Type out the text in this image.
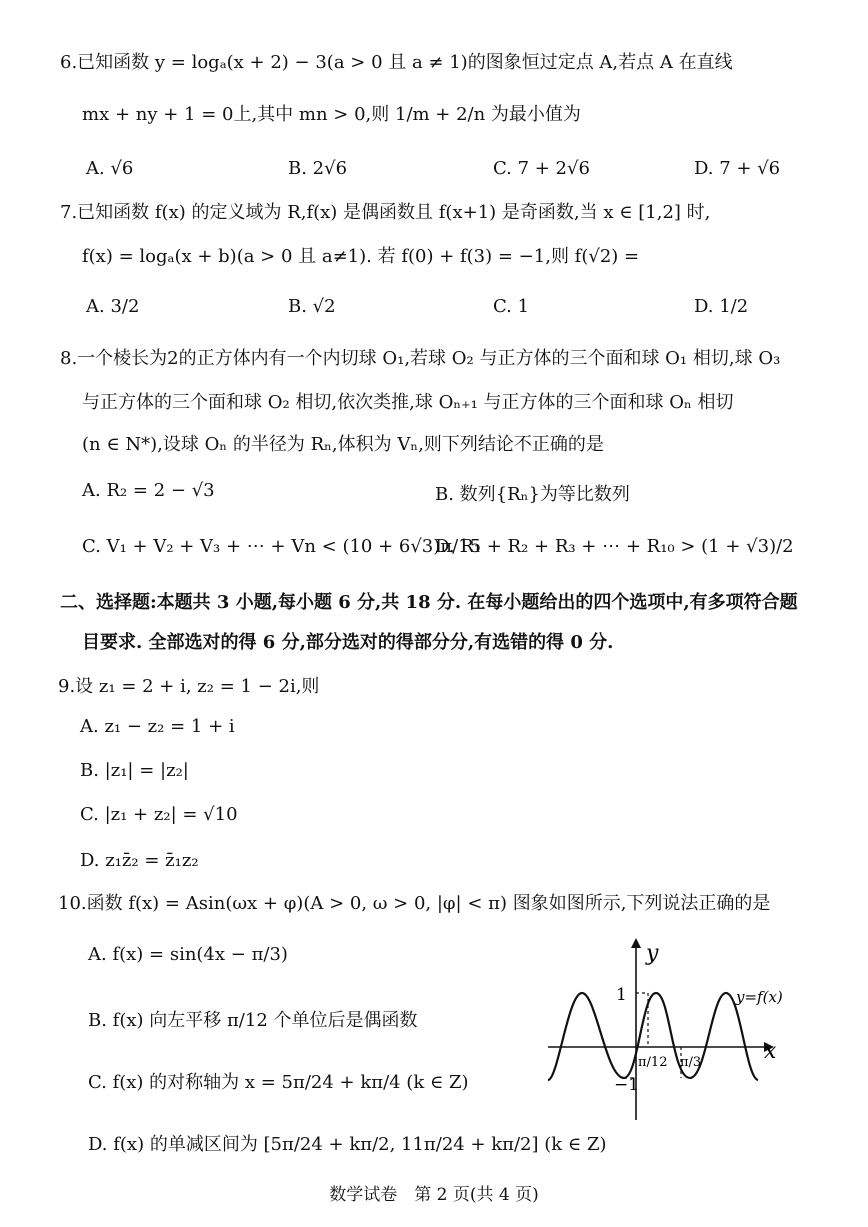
6.已知函数 y = logₐ(x + 2) − 3(a > 0 且 a ≠ 1)的图象恒过定点 A,若点 A 在直线
mx + ny + 1 = 0上,其中 mn > 0,则 1/m + 2/n 为最小值为
A. √6	B. 2√6	C. 7 + 2√6	D. 7 + √6
7.已知函数 f(x) 的定义域为 R,f(x) 是偶函数且 f(x+1) 是奇函数,当 x ∈ [1,2] 时,
f(x) = logₐ(x + b)(a > 0 且 a≠1). 若 f(0) + f(3) = −1,则 f(√2) =
A. 3/2	B. √2	C. 1	D. 1/2
8.一个棱长为2的正方体内有一个内切球 O₁,若球 O₂ 与正方体的三个面和球 O₁ 相切,球 O₃
与正方体的三个面和球 O₂ 相切,依次类推,球 Oₙ₊₁ 与正方体的三个面和球 Oₙ 相切
(n ∈ N*),设球 Oₙ 的半径为 Rₙ,体积为 Vₙ,则下列结论不正确的是
A. R₂ = 2 − √3	B. 数列{Rₙ}为等比数列
C. V₁ + V₂ + V₃ + ⋯ + Vn < (10 + 6√3)π/15
D. R₁ + R₂ + R₃ + ⋯ + R₁₀ > (1 + √3)/2
二、选择题:本题共 3 小题,每小题 6 分,共 18 分. 在每小题给出的四个选项中,有多项符合题
目要求. 全部选对的得 6 分,部分选对的得部分分,有选错的得 0 分.
9.设 z₁ = 2 + i, z₂ = 1 − 2i,则
A. z₁ − z₂ = 1 + i
B. |z₁| = |z₂|
C. |z₁ + z₂| = √10
D. z₁z̄₂ = z̄₁z₂
10.函数 f(x) = Asin(ωx + φ)(A > 0, ω > 0, |φ| < π) 图象如图所示,下列说法正确的是
A. f(x) = sin(4x − π/3)
B. f(x) 向左平移 π/12 个单位后是偶函数
C. f(x) 的对称轴为 x = 5π/24 + kπ/4 (k ∈ Z)
D. f(x) 的单减区间为 [5π/24 + kπ/2, 11π/24 + kπ/2] (k ∈ Z)
y
x
1
−1
π/12 π/3
y=f(x)
数学试卷　第 2 页(共 4 页)
